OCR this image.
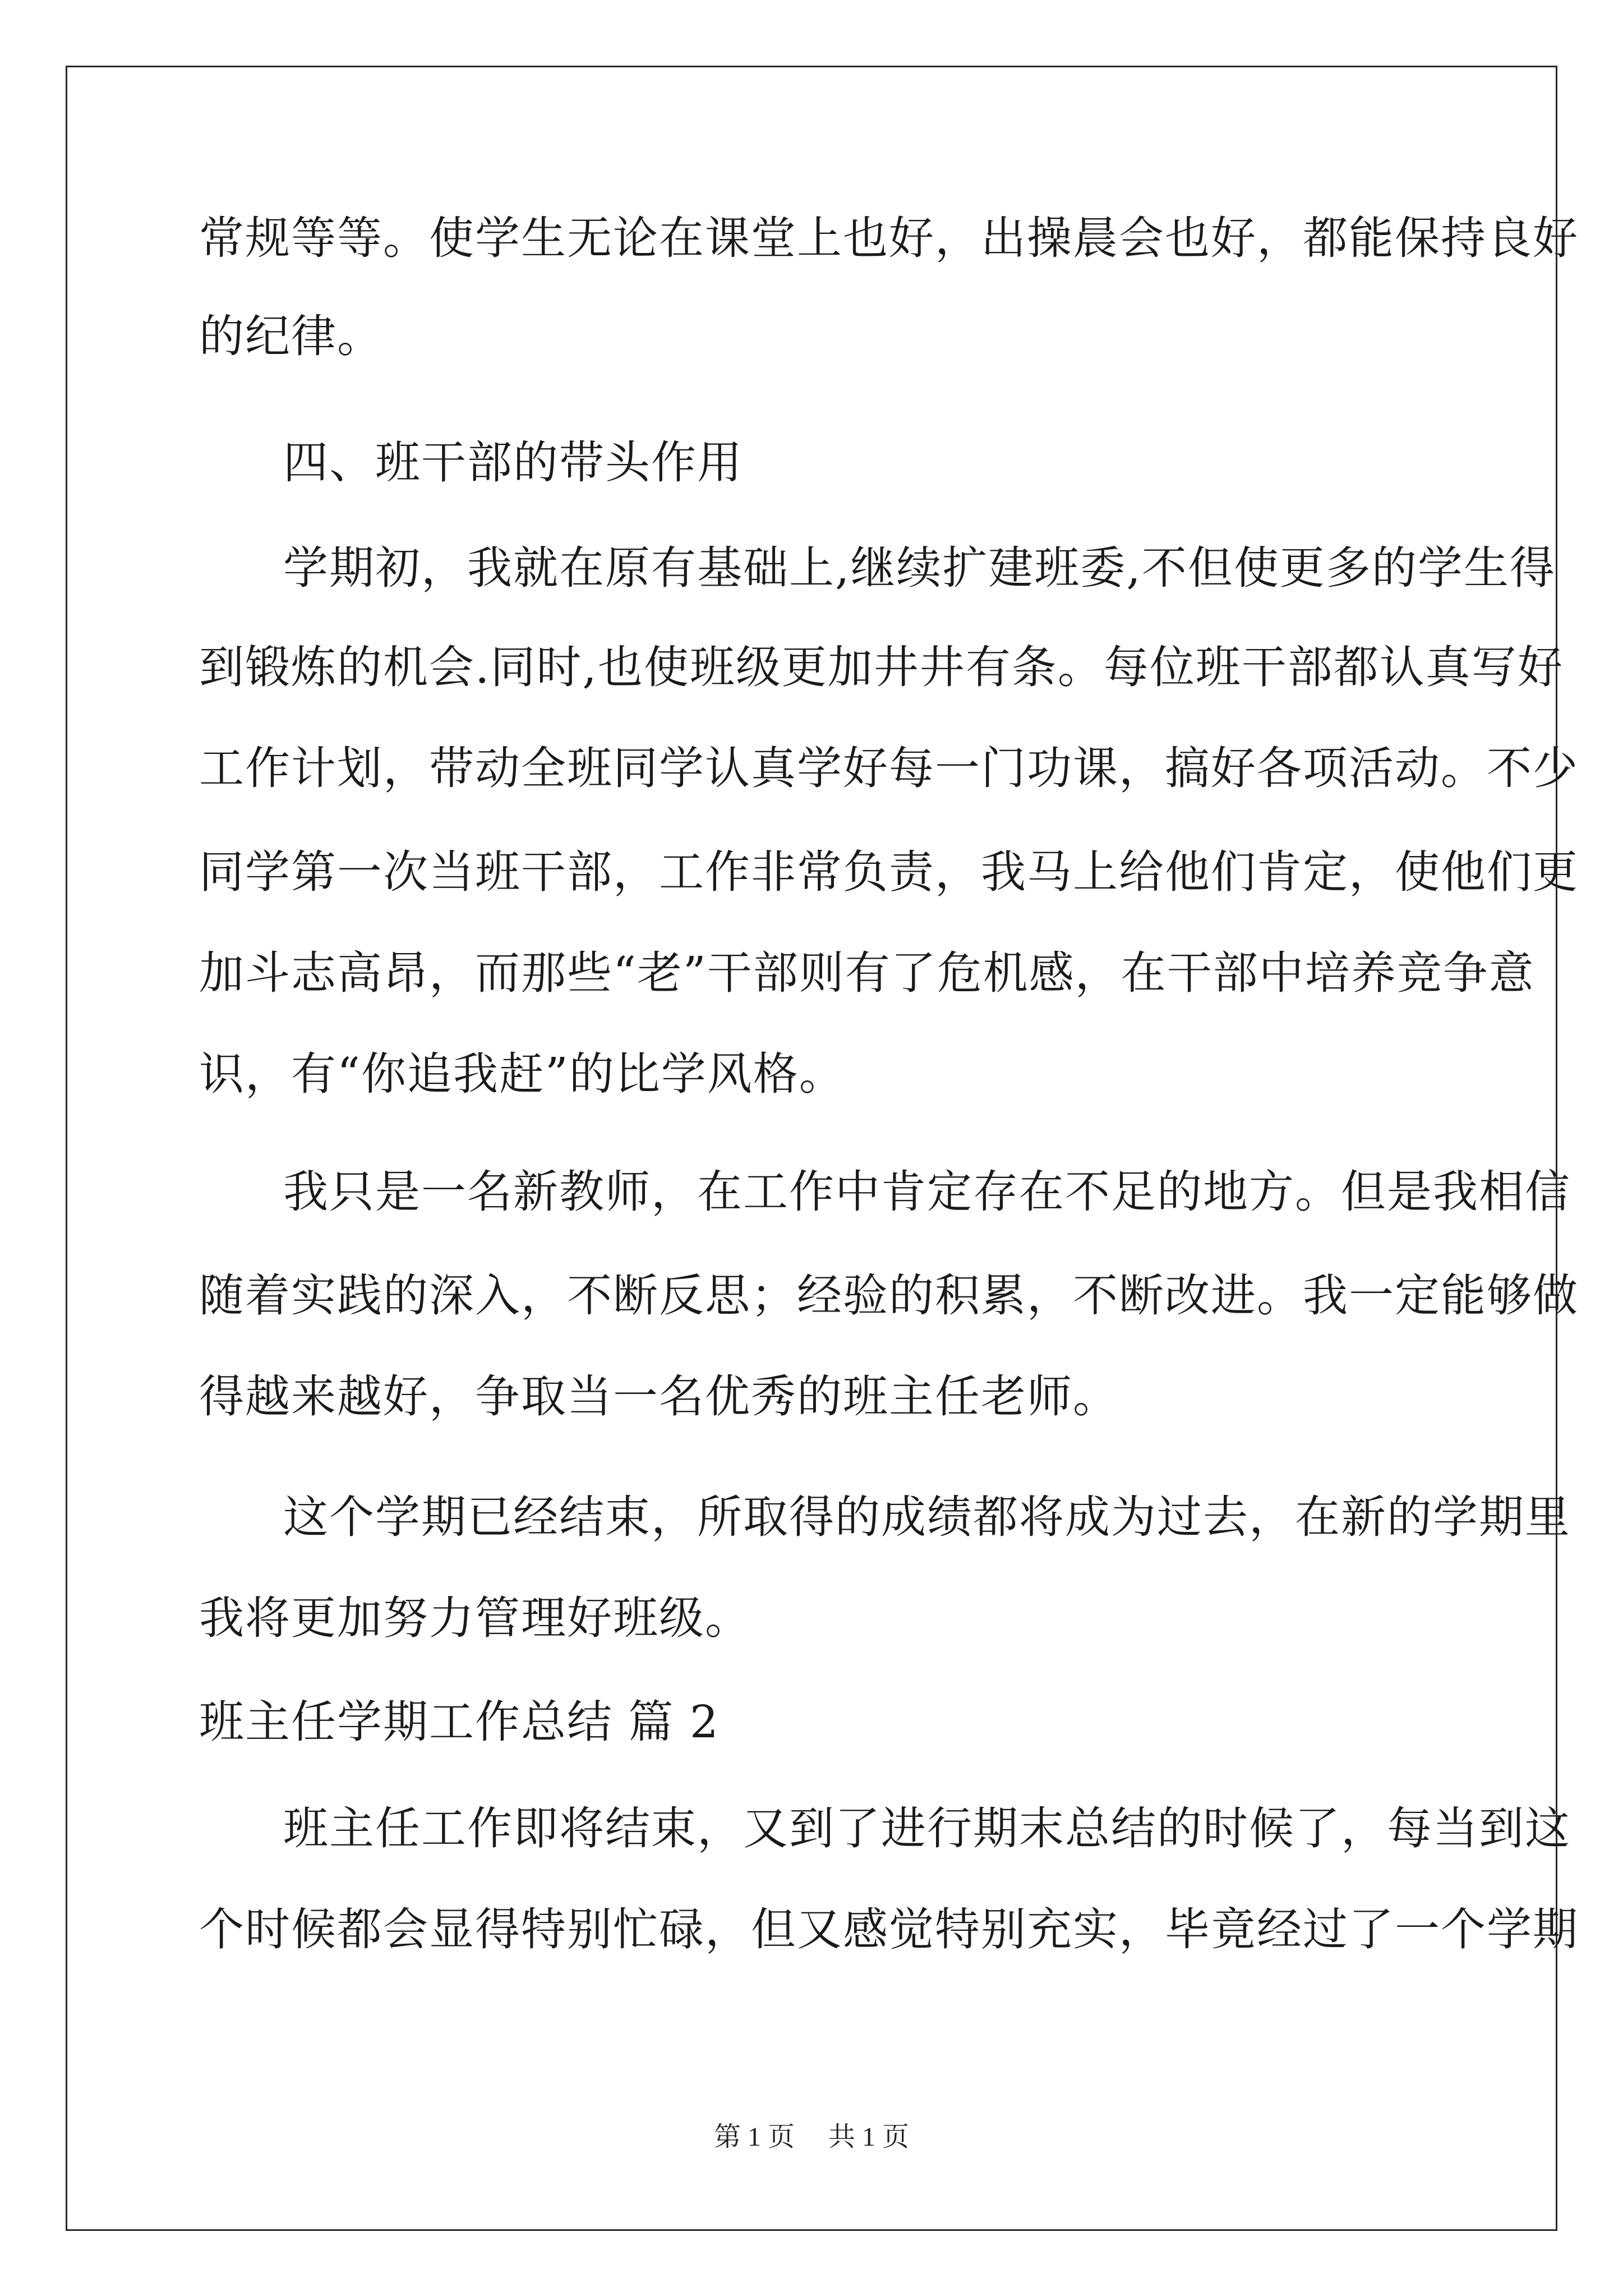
常规等等。使学生无论在课堂上也好，出操晨会也好，都能保持良好
的纪律。
四、班干部的带头作用
学期初，我就在原有基础上,继续扩建班委,不但使更多的学生得
到锻炼的机会.同时,也使班级更加井井有条。每位班干部都认真写好
工作计划，带动全班同学认真学好每一门功课，搞好各项活动。不少
同学第一次当班干部，工作非常负责，我马上给他们肯定，使他们更
加斗志高昂，而那些“老”干部则有了危机感，在干部中培养竞争意
识，有“你追我赶”的比学风格。
我只是一名新教师，在工作中肯定存在不足的地方。但是我相信
随着实践的深入，不断反思；经验的积累，不断改进。我一定能够做
得越来越好，争取当一名优秀的班主任老师。
这个学期已经结束，所取得的成绩都将成为过去，在新的学期里
我将更加努力管理好班级。
班主任学期工作总结 篇 2
班主任工作即将结束，又到了进行期末总结的时候了，每当到这
个时候都会显得特别忙碌，但又感觉特别充实，毕竟经过了一个学期
第 1 页 共 1 页
